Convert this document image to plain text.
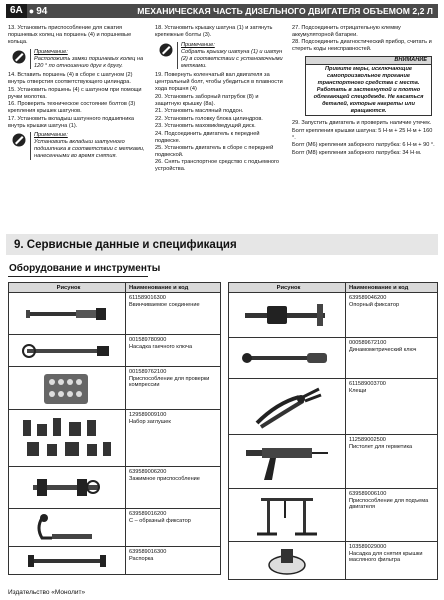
6А ● 94	МЕХАНИЧЕСКАЯ ЧАСТЬ ДИЗЕЛЬНОГО ДВИГАТЕЛЯ ОБЪЕМОМ 2,2 Л

13. Установить приспособление для сжатия поршневых колец на поршень (4) и поршневые кольца.

Примечание:
Расположить замки поршневых колец на 120 ° по отношению друг к другу.

14. Вставить поршень (4) в сборе с шатуном (2) внутрь отверстия соответствующего цилиндра.

15. Установить поршень (4) с шатуном при помощи ручки молотка.

16. Проверить техническое состояние болтов (3) крепления крышек шатунов.

17. Установить вкладыш шатунного подшипника внутрь крышки шатуна (1).

Примечание:
Установить вкладыш шатунного подшипника в соответствии с метками, нанесенными во время снятия.

18. Установить крышку шатуна (1) и затянуть крепежные болты (3).

Примечание:
Собрать крышку шатуна (1) и шатун (2) в соответствии с установочными метками.

19. Повернуть коленчатый вал двигателя за центральный болт, чтобы убедиться в плавности хода поршня (4)

20. Установить заборный патрубок (8) и защитную крышку (8а).

21. Установить масляный поддон.

22. Установить головку блока цилиндров.

23. Установить маховик/ведущий диск.

24. Подсоединить двигатель к передней подвеске.

25. Установить двигатель в сборе с передней подвеской.

26. Снять транспортное средство с подъемного устройства.

27. Подсоединить отрицательную клемму аккумуляторной батареи.

28. Подсоединить диагностический прибор, считать и стереть коды неисправностей.

ВНИМАНИЕ
Примите меры, исключающие самопроизвольное трогание транспортного средства с места. Работать в застегнутой и плотно облегающей спецодежде. Не касаться деталей, которые нагреты или вращаются.

29. Запустить двигатель и проверить наличие утечек.

Болт крепления крышки шатуна: 5 Н·м + 25 Н·м + 160 °.

Болт (М6) крепления заборного патрубка: 6 Н·м + 90 °.

Болт (М8) крепления заборного патрубка: 34 Н·м.

9. Сервисные данные и спецификация
Оборудование и инструменты
Рисунок	Наименование и код
611589016300
Ввинчиваемое соединение
001589780900
Насадка гаечного ключа
001589762100
Приспособление для проверки компрессии
129589009100
Набор заглушек
639589006200
Зажимное приспособление
639589016200
С – образный фиксатор
639589016300
Распорка
Рисунок	Наименование и код
639589046200
Опорный фиксатор
000589672100
Динамометрический ключ
611589003700
Клещи
112589002500
Пистолет для герметика
639589006100
Приспособление для подъема двигателя
103589029000
Насадка для снятия крышки масляного фильтра
Издательство «Монолит»
